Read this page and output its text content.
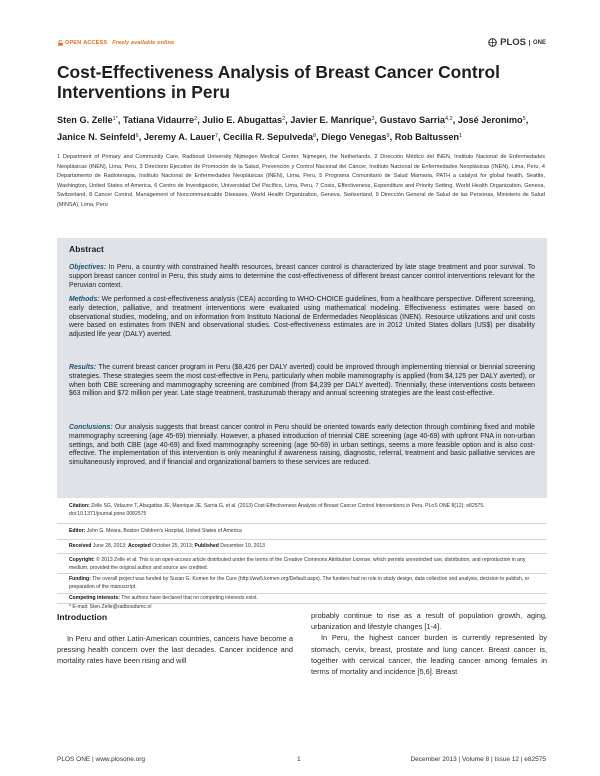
OPEN ACCESS Freely available online	PLOS	ONE
Cost-Effectiveness Analysis of Breast Cancer Control Interventions in Peru
Sten G. Zelle$^{1*}$, Tatiana Vidaurre$^2$, Julio E. Abugattas$^2$, Javier E. Manrique$^3$, Gustavo Sarria$^{4,2}$, José Jeronimo$^5$, Janice N. Seinfeld$^6$, Jeremy A. Lauer$^7$, Cecilia R. Sepulveda$^8$, Diego Venegas$^9$, Rob Baltussen$^1$
1 Department of Primary and Community Care, Radboud University Nijmegen Medical Center, Nijmegen, the Netherlands, 2 Dirección Médico del INEN, Instituto Nacional de Enfermedades Neoplásicas (INEN), Lima, Peru, 3 Directorio Ejecutivo de Promoción de la Salud, Prevención y Control Nacional del Cáncer, Instituto Nacional de Enfermedades Neoplásicas (INEN), Lima, Peru, 4 Departamento de Radioterapia, Instituto Nacional de Enfermedades Neoplásicas (INEN), Lima, Peru, 5 Programa Comunitario de Salud Mamaria, PATH a catalyst for global health, Seattle, Washington, United States of America, 6 Centro de Investigación, Universidad Del Pacífico, Lima, Peru, 7 Costs, Effectiveness, Expenditure and Priority Setting, World Health Organization, Geneva, Switzerland, 8 Cancer Control, Management of Noncommunicable Diseases, World Health Organization, Geneva, Switzerland, 9 Dirección General de Salud de las Personas, Ministerio de Salud (MINSA), Lima, Peru
Abstract
Objectives: In Peru, a country with constrained health resources, breast cancer control is characterized by late stage treatment and poor survival. To support breast cancer control in Peru, this study aims to determine the cost-effectiveness of different breast cancer control interventions relevant for the Peruvian context.
Methods: We performed a cost-effectiveness analysis (CEA) according to WHO-CHOICE guidelines, from a healthcare perspective. Different screening, early detection, palliative, and treatment interventions were evaluated using mathematical modeling. Effectiveness estimates were based on observational studies, modeling, and on information from Instituto Nacional de Enfermedades Neoplásicas (INEN). Resource utilizations and unit costs were based on estimates from INEN and observational studies. Cost-effectiveness estimates are in 2012 United States dollars (US$) per disability adjusted life year (DALY) averted.
Results: The current breast cancer program in Peru ($8,426 per DALY averted) could be improved through implementing triennial or biennial screening strategies. These strategies seem the most cost-effective in Peru, particularly when mobile mammography is applied (from $4,125 per DALY averted), or when both CBE screening and mammography screening are combined (from $4,239 per DALY averted). Triennially, these interventions costs between $63 million and $72 million per year. Late stage treatment, trastuzumab therapy and annual screening strategies are the least cost-effective.
Conclusions: Our analysis suggests that breast cancer control in Peru should be oriented towards early detection through combining fixed and mobile mammography screening (age 45-69) triennially. However, a phased introduction of triennial CBE screening (age 40-69) with upfront FNA in non-urban settings, and both CBE (age 40-69) and fixed mammography screening (age 50-69) in urban settings, seems a more feasible option and is also cost-effective. The implementation of this intervention is only meaningful if awareness raising, diagnostic, referral, treatment and basic palliative services are simultaneously improved, and if financial and organizational barriers to these services are reduced.
Citation: Zelle SG, Vidaurre T, Abugattas JE, Manrique JE, Sarria G, et al. (2013) Cost-Effectiveness Analysis of Breast Cancer Control Interventions in Peru. PLoS ONE 8(12): e82575. doi:10.1371/journal.pone.0082575
Editor: John G. Meara, Boston Children's Hospital, United States of America
Received June 28, 2013; Accepted October 25, 2013; Published December 10, 2013
Copyright: © 2013 Zelle et al. This is an open-access article distributed under the terms of the Creative Commons Attribution License, which permits unrestricted use, distribution, and reproduction in any medium, provided the original author and source are credited.
Funding: The overall project was funded by Susan G. Komen for the Cure (http://ww5.komen.org/Default.aspx). The funders had no role in study design, data collection and analysis, decision to publish, or preparation of the manuscript.
Competing interests: The authors have declared that no competing interests exist.
* E-mail: Sten.Zelle@radboudumc.nl
Introduction

In Peru and other Latin-American countries, cancers have become a pressing health concern over the last decades. Cancer incidence and mortality rates have been rising and will

probably continue to rise as a result of population growth, aging, urbanization and lifestyle changes [1-4].

In Peru, the highest cancer burden is currently represented by stomach, cervix, breast, prostate and lung cancer. Breast cancer is, together with cervical cancer, the leading cancer among females in terms of mortality and incidence [5,6]. Breast

PLOS ONE | www.plosone.org	1	December 2013 | Volume 8 | Issue 12 | e82575
